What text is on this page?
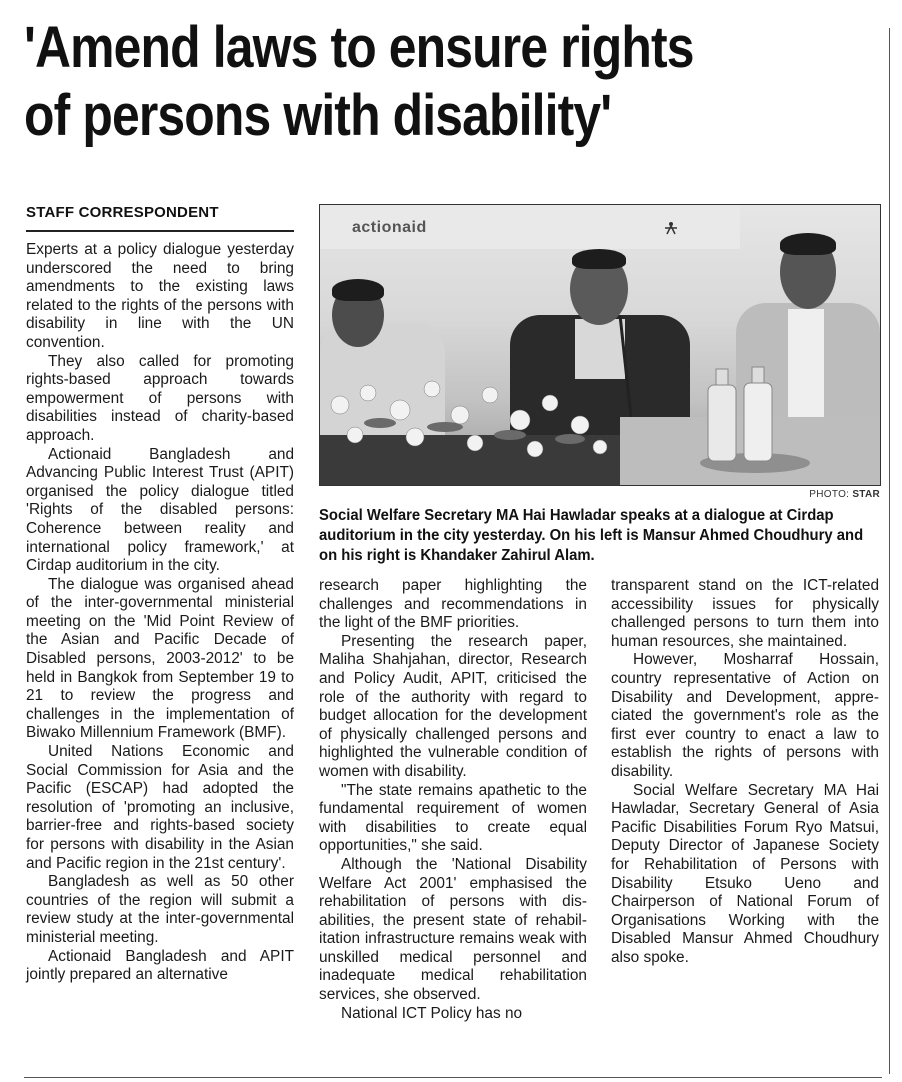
'Amend laws to ensure rights
of persons with disability'
STAFF CORRESPONDENT

Experts at a policy dialogue yesterday underscored the need to bring amendments to the existing laws related to the rights of the persons with disability in line with the UN convention.

They also called for promoting rights-based approach towards empowerment of persons with disabilities instead of charity-based approach.

Actionaid Bangladesh and Advancing Public Interest Trust (APIT) organised the policy dialogue titled 'Rights of the disabled persons: Coherence between reality and international policy framework,' at Cirdap auditorium in the city.

The dialogue was organised ahead of the inter-governmental ministerial meeting on the 'Mid Point Review of the Asian and Pacific Decade of Disabled persons, 2003-2012' to be held in Bangkok from September 19 to 21 to review the progress and challenges in the implementation of Biwako Millennium Framework (BMF).

United Nations Economic and Social Commission for Asia and the Pacific (ESCAP) had adopted the resolution of 'promoting an inclusive, barrier-free and rights-based society for persons with disability in the Asian and Pacific region in the 21st century'.

Bangladesh as well as 50 other countries of the region will submit a review study at the inter-governmental ministerial meeting.

Actionaid Bangladesh and APIT jointly prepared an alternative

actionaid
PHOTO: STAR

Social Welfare Secretary MA Hai Hawladar speaks at a dialogue at Cirdap auditorium in the city yesterday. On his left is Mansur Ahmed Choudhury and on his right is Khandaker Zahirul Alam.

research paper highlighting the challenges and recommendations in the light of the BMF priorities.

Presenting the research paper, Maliha Shahjahan, director, Research and Policy Audit, APIT, criticised the role of the authority with regard to budget allocation for the development of physically challenged persons and highlighted the vulnerable condition of women with disability.

"The state remains apathetic to the fundamental requirement of women with disabilities to create equal opportunities," she said.

Although the 'National Disability Welfare Act 2001' emphasised the rehabilitation of persons with disabilities, the present state of rehabilitation infrastructure remains weak with unskilled medical personnel and inadequate medical rehabilitation services, she observed.

National ICT Policy has no

transparent stand on the ICT-related accessibility issues for physically challenged persons to turn them into human resources, she maintained.

However, Mosharraf Hossain, country representative of Action on Disability and Development, appreciated the government's role as the first ever country to enact a law to establish the rights of persons with disability.

Social Welfare Secretary MA Hai Hawladar, Secretary General of Asia Pacific Disabilities Forum Ryo Matsui, Deputy Director of Japanese Society for Rehabilitation of Persons with Disability Etsuko Ueno and Chairperson of National Forum of Organisations Working with the Disabled Mansur Ahmed Choudhury also spoke.
